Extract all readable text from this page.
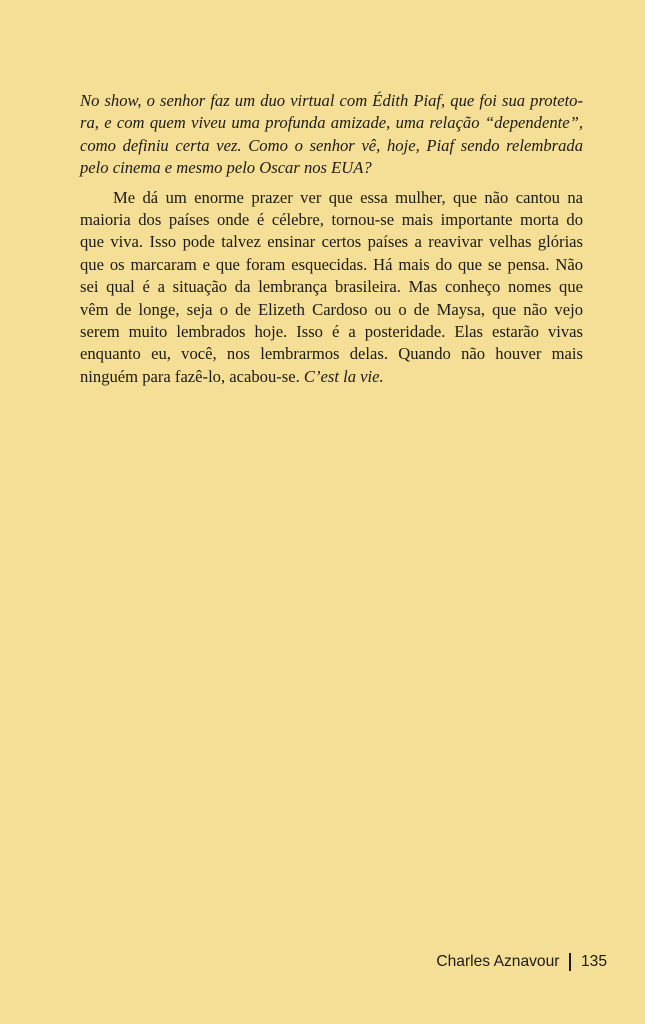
No show, o senhor faz um duo virtual com Édith Piaf, que foi sua proteto-
ra, e com quem viveu uma profunda amizade, uma relação “dependente”,
como definiu certa vez. Como o senhor vê, hoje, Piaf sendo relembrada
pelo cinema e mesmo pelo Oscar nos EUA?
Me dá um enorme prazer ver que essa mulher, que não cantou na
maioria dos países onde é célebre, tornou-se mais importante morta do
que viva. Isso pode talvez ensinar certos países a reavivar velhas glórias
que os marcaram e que foram esquecidas. Há mais do que se pensa. Não
sei qual é a situação da lembrança brasileira. Mas conheço nomes que
vêm de longe, seja o de Elizeth Cardoso ou o de Maysa, que não vejo
serem muito lembrados hoje. Isso é a posteridade. Elas estarão vivas
enquanto eu, você, nos lembrarmos delas. Quando não houver mais
ninguém para fazê-lo, acabou-se. C’est la vie.
Charles Aznavour 135
